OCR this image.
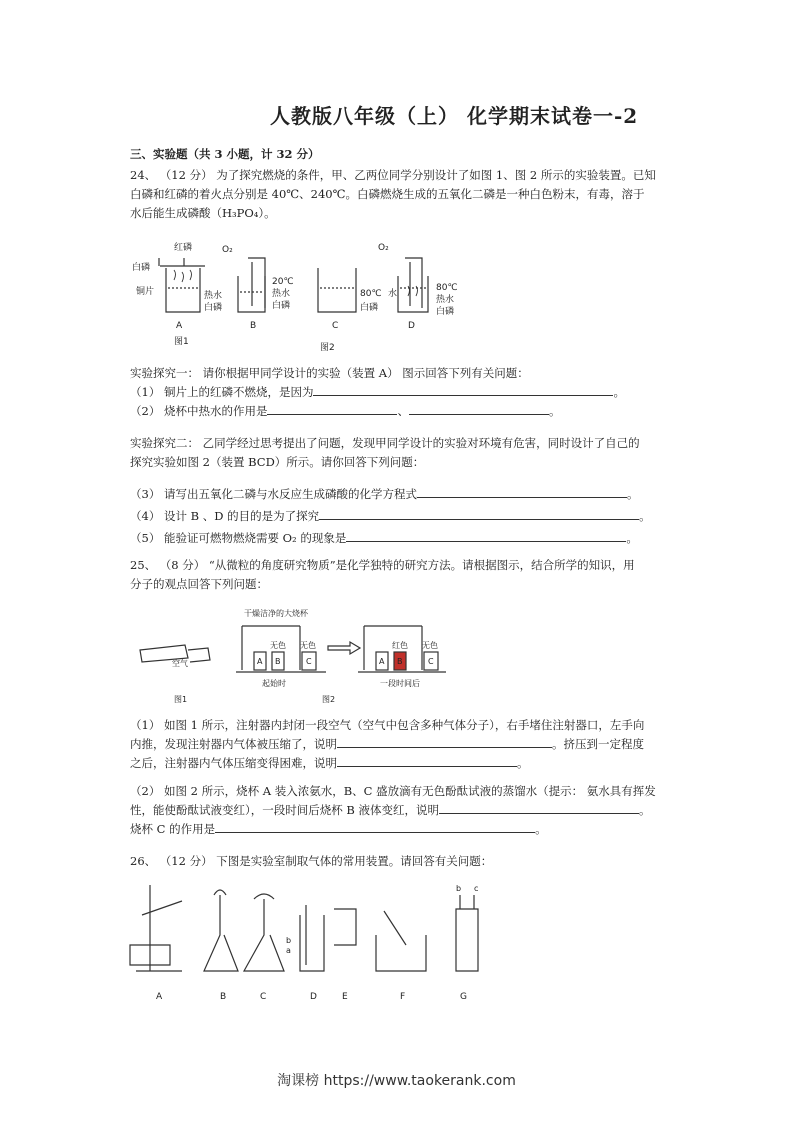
人教版八年级（上） 化学期末试卷一-2
三、实验题（共 3 小题，计 32 分）
24、 （12 分） 为了探究燃烧的条件，甲、乙两位同学分别设计了如图 1、图 2 所示的实验装置。已知
白磷和红磷的着火点分别是 40℃、240℃。白磷燃烧生成的五氧化二磷是一种白色粉末，有毒，溶于
水后能生成磷酸（H₃PO₄）。
红磷
白磷
铜片	热水
白磷
O₂
20℃
热水
白磷
80℃ 水
白磷
O₂
80℃
热水
白磷
A	B	C	D
图1
图2
实验探究一： 请你根据甲同学设计的实验（装置 A） 图示回答下列有关问题：
（1） 铜片上的红磷不燃烧，是因为	。
（2） 烧杯中热水的作用是	、	。
实验探究二： 乙同学经过思考提出了问题，发现甲同学设计的实验对环境有危害，同时设计了自己的
探究实验如图 2（装置 BCD）所示。请你回答下列问题：
（3） 请写出五氧化二磷与水反应生成磷酸的化学方程式	。
（4） 设计 B 、D 的目的是为了探究	。
（5） 能验证可燃物燃烧需要 O₂ 的现象是	。
25、 （8 分） “从微粒的角度研究物质”是化学独特的研究方法。请根据图示，结合所学的知识，用
分子的观点回答下列问题：
干燥洁净的大烧杯
空气
无色 无色	红色 无色
A B	C	A B	C
起始时	一段时间后
图1	图2
（1） 如图 1 所示，注射器内封闭一段空气（空气中包含多种气体分子），右手堵住注射器口，左手向
内推，发现注射器内气体被压缩了，说明	。挤压到一定程度
之后，注射器内气体压缩变得困难，说明	。
（2） 如图 2 所示，烧杯 A 装入浓氨水，B、C 盛放滴有无色酚酞试液的蒸馏水（提示： 氨水具有挥发
性，能使酚酞试液变红），一段时间后烧杯 B 液体变红，说明	。
烧杯 C 的作用是	。
26、 （12 分） 下图是实验室制取气体的常用装置。请回答有关问题：
A	B	C	D	E	F	G
a
b
b c
淘课榜 https://www.taokerank.com
